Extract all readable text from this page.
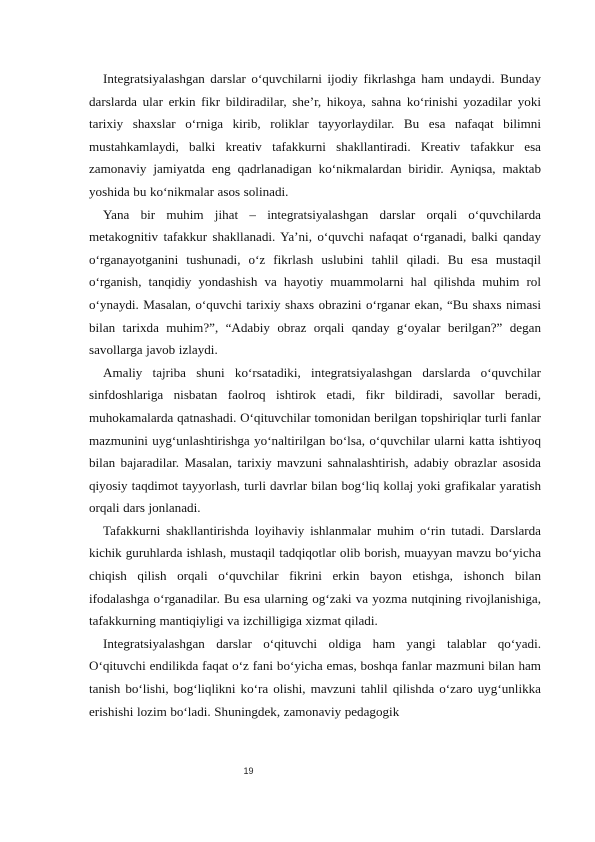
Integratsiyalashgan darslar o‘quvchilarni ijodiy fikrlashga ham undaydi. Bunday darslarda ular erkin fikr bildiradilar, she’r, hikoya, sahna ko‘rinishi yozadilar yoki tarixiy shaxslar o‘rniga kirib, roliklar tayyorlaydilar. Bu esa nafaqat bilimni mustahkamlaydi, balki kreativ tafakkurni shakllantiradi. Kreativ tafakkur esa zamonaviy jamiyatda eng qadrlanadigan ko‘nikmalardan biridir. Ayniqsa, maktab yoshida bu ko‘nikmalar asos solinadi.

Yana bir muhim jihat – integratsiyalashgan darslar orqali o‘quvchilarda metakognitiv tafakkur shakllanadi. Ya’ni, o‘quvchi nafaqat o‘rganadi, balki qanday o‘rganayotganini tushunadi, o‘z fikrlash uslubini tahlil qiladi. Bu esa mustaqil o‘rganish, tanqidiy yondashish va hayotiy muammolarni hal qilishda muhim rol o‘ynaydi. Masalan, o‘quvchi tarixiy shaxs obrazini o‘rganar ekan, “Bu shaxs nimasi bilan tarixda muhim?”, “Adabiy obraz orqali qanday g‘oyalar berilgan?” degan savollarga javob izlaydi.

Amaliy tajriba shuni ko‘rsatadiki, integratsiyalashgan darslarda o‘quvchilar sinfdoshlariga nisbatan faolroq ishtirok etadi, fikr bildiradi, savollar beradi, muhokamalarda qatnashadi. O‘qituvchilar tomonidan berilgan topshiriqlar turli fanlar mazmunini uyg‘unlashtirishga yo‘naltirilgan bo‘lsa, o‘quvchilar ularni katta ishtiyoq bilan bajaradilar. Masalan, tarixiy mavzuni sahnalashtirish, adabiy obrazlar asosida qiyosiy taqdimot tayyorlash, turli davrlar bilan bog‘liq kollaj yoki grafikalar yaratish orqali dars jonlanadi.

Tafakkurni shakllantirishda loyihaviy ishlanmalar muhim o‘rin tutadi. Darslarda kichik guruhlarda ishlash, mustaqil tadqiqotlar olib borish, muayyan mavzu bo‘yicha chiqish qilish orqali o‘quvchilar fikrini erkin bayon etishga, ishonch bilan ifodalashga o‘rganadilar. Bu esa ularning og‘zaki va yozma nutqining rivojlanishiga, tafakkurning mantiqiyligi va izchilligiga xizmat qiladi.

Integratsiyalashgan darslar o‘qituvchi oldiga ham yangi talablar qo‘yadi. O‘qituvchi endilikda faqat o‘z fani bo‘yicha emas, boshqa fanlar mazmuni bilan ham tanish bo‘lishi, bog‘liqlikni ko‘ra olishi, mavzuni tahlil qilishda o‘zaro uyg‘unlikka erishishi lozim bo‘ladi. Shuningdek, zamonaviy pedagogik

19
